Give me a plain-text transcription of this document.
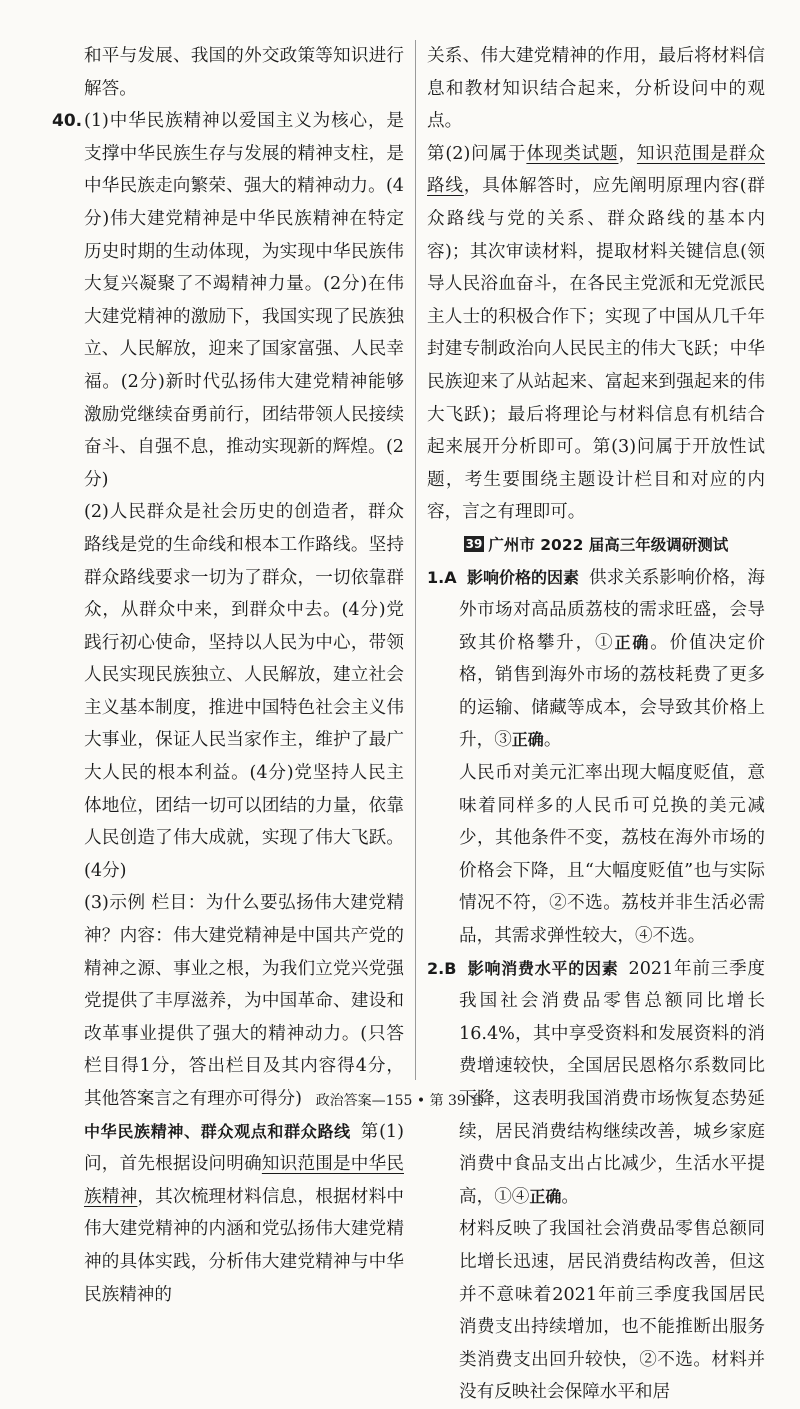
和平与发展、我国的外交政策等知识进行解答。

40. (1)中华民族精神以爱国主义为核心，是支撑中华民族生存与发展的精神支柱，是中华民族走向繁荣、强大的精神动力。(4分)伟大建党精神是中华民族精神在特定历史时期的生动体现，为实现中华民族伟大复兴凝聚了不竭精神力量。(2分)在伟大建党精神的激励下，我国实现了民族独立、人民解放，迎来了国家富强、人民幸福。(2分)新时代弘扬伟大建党精神能够激励党继续奋勇前行，团结带领人民接续奋斗、自强不息，推动实现新的辉煌。(2分)

(2)人民群众是社会历史的创造者，群众路线是党的生命线和根本工作路线。坚持群众路线要求一切为了群众，一切依靠群众，从群众中来，到群众中去。(4分)党践行初心使命，坚持以人民为中心，带领人民实现民族独立、人民解放，建立社会主义基本制度，推进中国特色社会主义伟大事业，保证人民当家作主，维护了最广大人民的根本利益。(4分)党坚持人民主体地位，团结一切可以团结的力量，依靠人民创造了伟大成就，实现了伟大飞跃。(4分)

(3)示例 栏目：为什么要弘扬伟大建党精神？内容：伟大建党精神是中国共产党的精神之源、事业之根，为我们立党兴党强党提供了丰厚滋养，为中国革命、建设和改革事业提供了强大的精神动力。(只答栏目得1分，答出栏目及其内容得4分，其他答案言之有理亦可得分)

中华民族精神、群众观点和群众路线 第(1)问，首先根据设问明确知识范围是中华民族精神，其次梳理材料信息，根据材料中伟大建党精神的内涵和党弘扬伟大建党精神的具体实践，分析伟大建党精神与中华民族精神的

关系、伟大建党精神的作用，最后将材料信息和教材知识结合起来，分析设问中的观点。

第(2)问属于体现类试题，知识范围是群众路线，具体解答时，应先阐明原理内容(群众路线与党的关系、群众路线的基本内容)；其次审读材料，提取材料关键信息(领导人民浴血奋斗，在各民主党派和无党派民主人士的积极合作下；实现了中国从几千年封建专制政治向人民民主的伟大飞跃；中华民族迎来了从站起来、富起来到强起来的伟大飞跃)；最后将理论与材料信息有机结合起来展开分析即可。第(3)问属于开放性试题，考生要围绕主题设计栏目和对应的内容，言之有理即可。

39 广州市 2022 届高三年级调研测试

1.A 影响价格的因素 供求关系影响价格，海外市场对高品质荔枝的需求旺盛，会导致其价格攀升，①正确。价值决定价格，销售到海外市场的荔枝耗费了更多的运输、储藏等成本，会导致其价格上升，③正确。

人民币对美元汇率出现大幅度贬值，意味着同样多的人民币可兑换的美元减少，其他条件不变，荔枝在海外市场的价格会下降，且“大幅度贬值”也与实际情况不符，②不选。荔枝并非生活必需品，其需求弹性较大，④不选。

2.B 影响消费水平的因素 2021年前三季度我国社会消费品零售总额同比增长16.4%，其中享受资料和发展资料的消费增速较快，全国居民恩格尔系数同比下降，这表明我国消费市场恢复态势延续，居民消费结构继续改善，城乡家庭消费中食品支出占比减少，生活水平提高，①④正确。

材料反映了我国社会消费品零售总额同比增长迅速，居民消费结构改善，但这并不意味着2021年前三季度我国居民消费支出持续增加，也不能推断出服务类消费支出回升较快，②不选。材料并没有反映社会保障水平和居

政治答案—155 • 第 39 套
